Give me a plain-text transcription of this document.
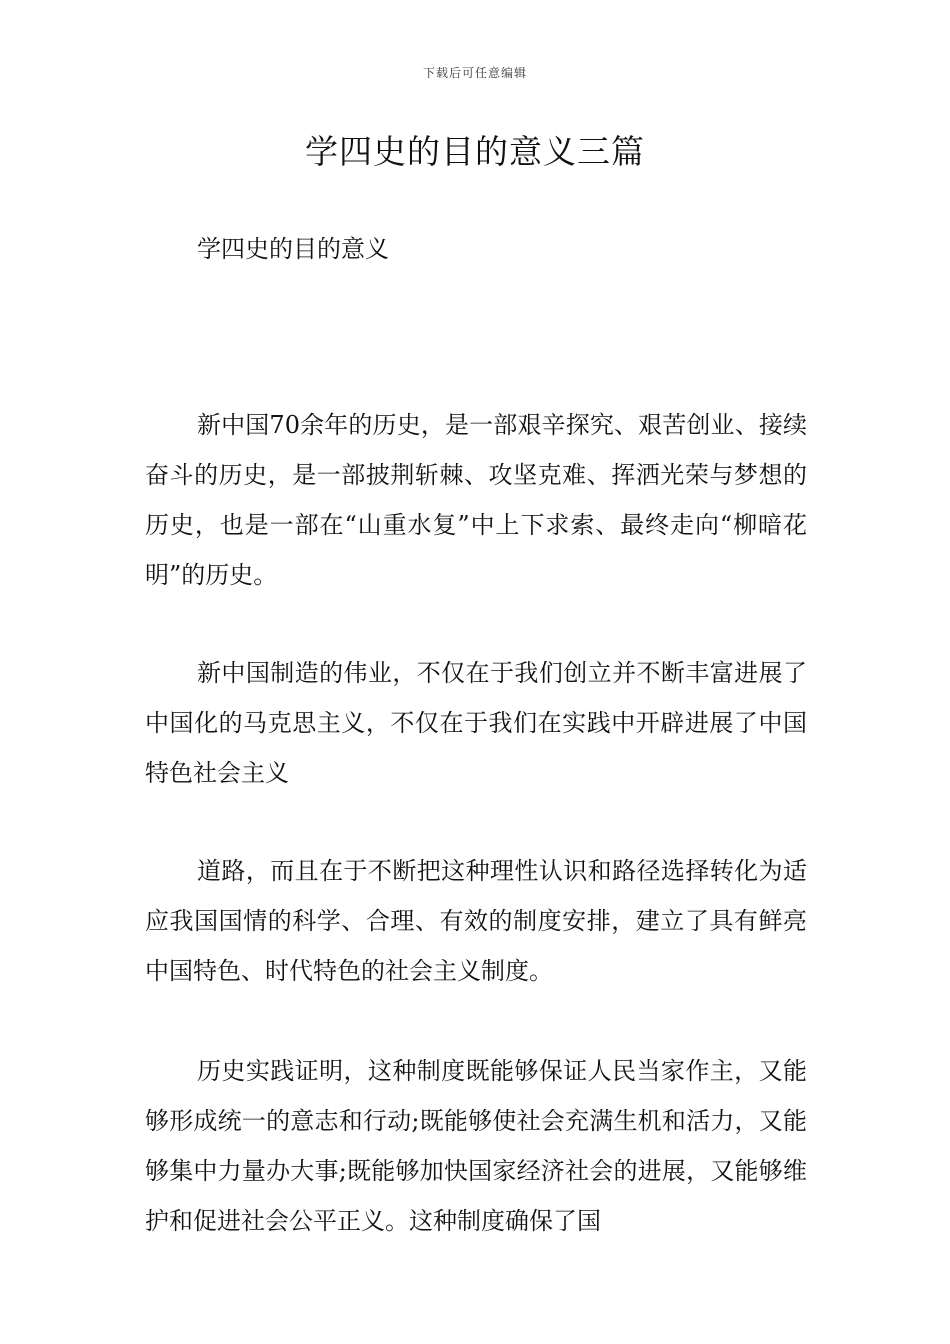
下载后可任意编辑
学四史的目的意义三篇

学四史的目的意义

新中国70余年的历史，是一部艰辛探究、艰苦创业、接续奋斗的历史，是一部披荆斩棘、攻坚克难、挥洒光荣与梦想的历史，也是一部在“山重水复”中上下求索、最终走向“柳暗花明”的历史。

新中国制造的伟业，不仅在于我们创立并不断丰富进展了中国化的马克思主义，不仅在于我们在实践中开辟进展了中国特色社会主义

道路，而且在于不断把这种理性认识和路径选择转化为适应我国国情的科学、合理、有效的制度安排，建立了具有鲜亮中国特色、时代特色的社会主义制度。

历史实践证明，这种制度既能够保证人民当家作主，又能够形成统一的意志和行动;既能够使社会充满生机和活力，又能够集中力量办大事;既能够加快国家经济社会的进展，又能够维护和促进社会公平正义。这种制度确保了国
